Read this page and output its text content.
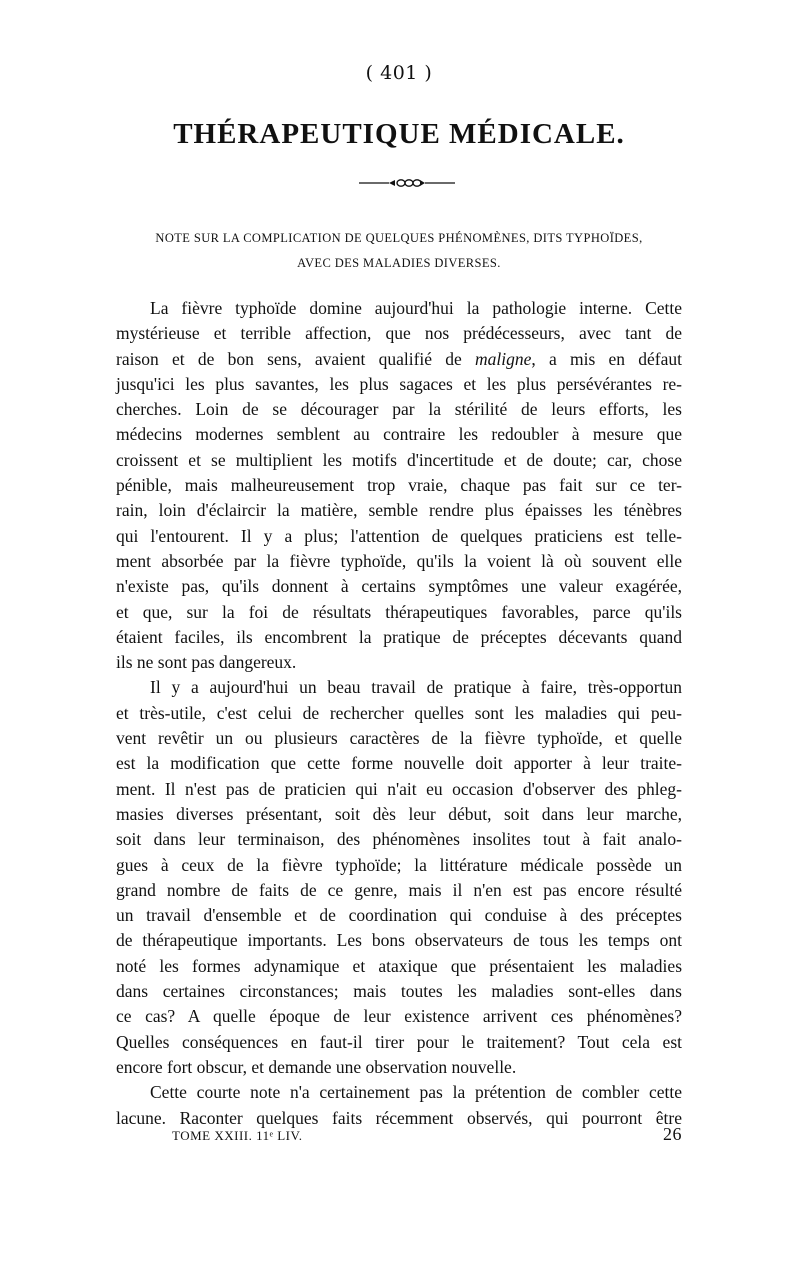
( 401 )
THÉRAPEUTIQUE MÉDICALE.
NOTE SUR LA COMPLICATION DE QUELQUES PHÉNOMÈNES, DITS TYPHOÏDES,
AVEC DES MALADIES DIVERSES.
La fièvre typhoïde domine aujourd'hui la pathologie interne. Cette
mystérieuse et terrible affection, que nos prédécesseurs, avec tant de
raison et de bon sens, avaient qualifié de maligne, a mis en défaut
jusqu'ici les plus savantes, les plus sagaces et les plus persévérantes re-
cherches. Loin de se décourager par la stérilité de leurs efforts, les
médecins modernes semblent au contraire les redoubler à mesure que
croissent et se multiplient les motifs d'incertitude et de doute; car, chose
pénible, mais malheureusement trop vraie, chaque pas fait sur ce ter-
rain, loin d'éclaircir la matière, semble rendre plus épaisses les ténèbres
qui l'entourent. Il y a plus; l'attention de quelques praticiens est telle-
ment absorbée par la fièvre typhoïde, qu'ils la voient là où souvent elle
n'existe pas, qu'ils donnent à certains symptômes une valeur exagérée,
et que, sur la foi de résultats thérapeutiques favorables, parce qu'ils
étaient faciles, ils encombrent la pratique de préceptes décevants quand
ils ne sont pas dangereux.
Il y a aujourd'hui un beau travail de pratique à faire, très-opportun
et très-utile, c'est celui de rechercher quelles sont les maladies qui peu-
vent revêtir un ou plusieurs caractères de la fièvre typhoïde, et quelle
est la modification que cette forme nouvelle doit apporter à leur traite-
ment. Il n'est pas de praticien qui n'ait eu occasion d'observer des phleg-
masies diverses présentant, soit dès leur début, soit dans leur marche,
soit dans leur terminaison, des phénomènes insolites tout à fait analo-
gues à ceux de la fièvre typhoïde; la littérature médicale possède un
grand nombre de faits de ce genre, mais il n'en est pas encore résulté
un travail d'ensemble et de coordination qui conduise à des préceptes
de thérapeutique importants. Les bons observateurs de tous les temps ont
noté les formes adynamique et ataxique que présentaient les maladies
dans certaines circonstances; mais toutes les maladies sont-elles dans
ce cas? A quelle époque de leur existence arrivent ces phénomènes?
Quelles conséquences en faut-il tirer pour le traitement? Tout cela est
encore fort obscur, et demande une observation nouvelle.
Cette courte note n'a certainement pas la prétention de combler cette
lacune. Raconter quelques faits récemment observés, qui pourront être
TOME XXIII. 11ᵉ LIV.	26
